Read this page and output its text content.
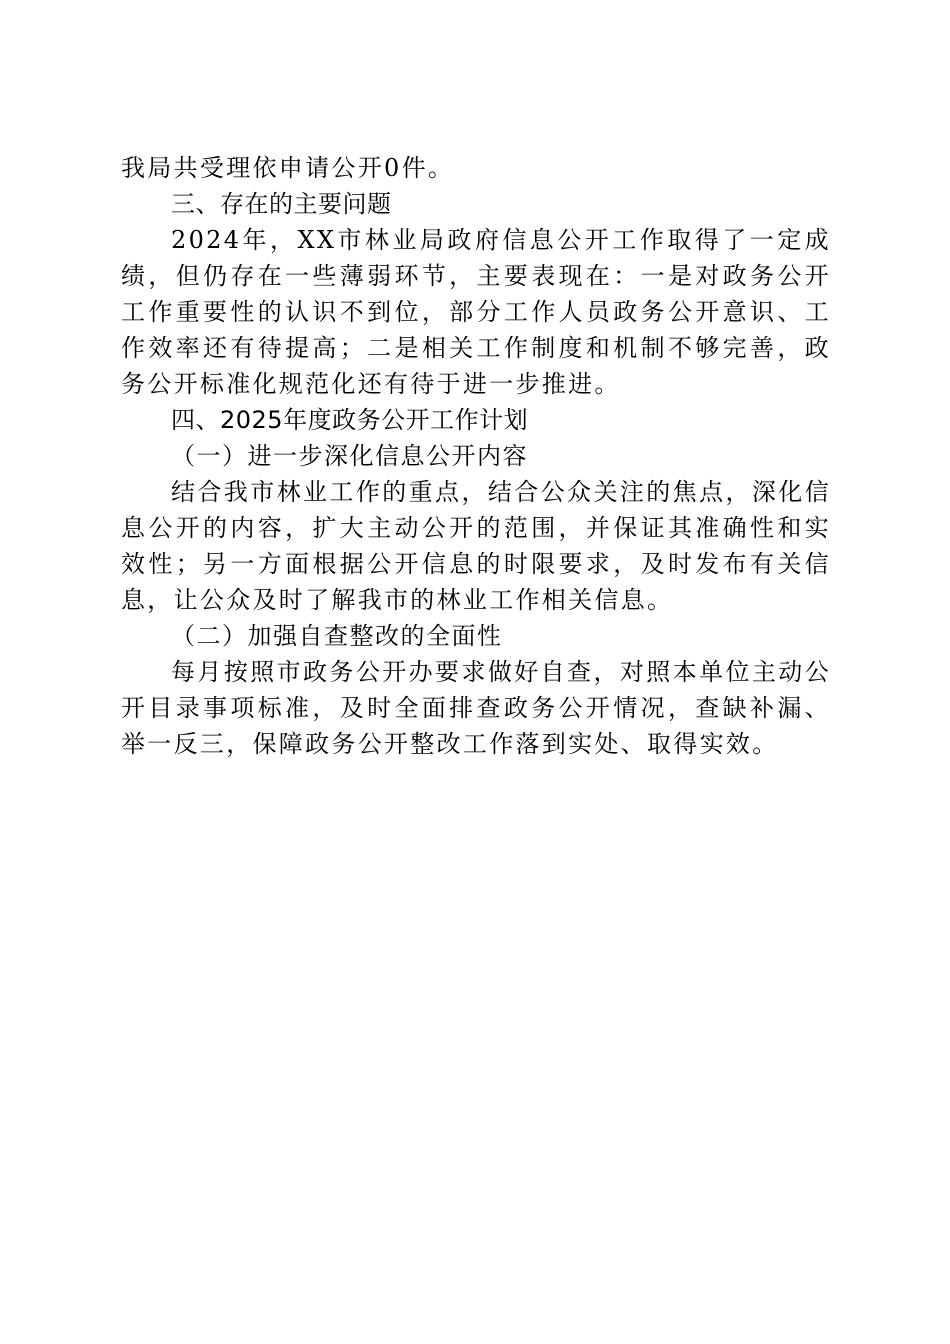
我局共受理依申请公开0件。

三、存在的主要问题

2024年，XX市林业局政府信息公开工作取得了一定成绩，但仍存在一些薄弱环节，主要表现在：一是对政务公开工作重要性的认识不到位，部分工作人员政务公开意识、工作效率还有待提高；二是相关工作制度和机制不够完善，政务公开标准化规范化还有待于进一步推进。

四、2025年度政务公开工作计划

（一）进一步深化信息公开内容

结合我市林业工作的重点，结合公众关注的焦点，深化信息公开的内容，扩大主动公开的范围，并保证其准确性和实效性；另一方面根据公开信息的时限要求，及时发布有关信息，让公众及时了解我市的林业工作相关信息。

（二）加强自查整改的全面性

每月按照市政务公开办要求做好自查，对照本单位主动公开目录事项标准，及时全面排查政务公开情况，查缺补漏、举一反三，保障政务公开整改工作落到实处、取得实效。
